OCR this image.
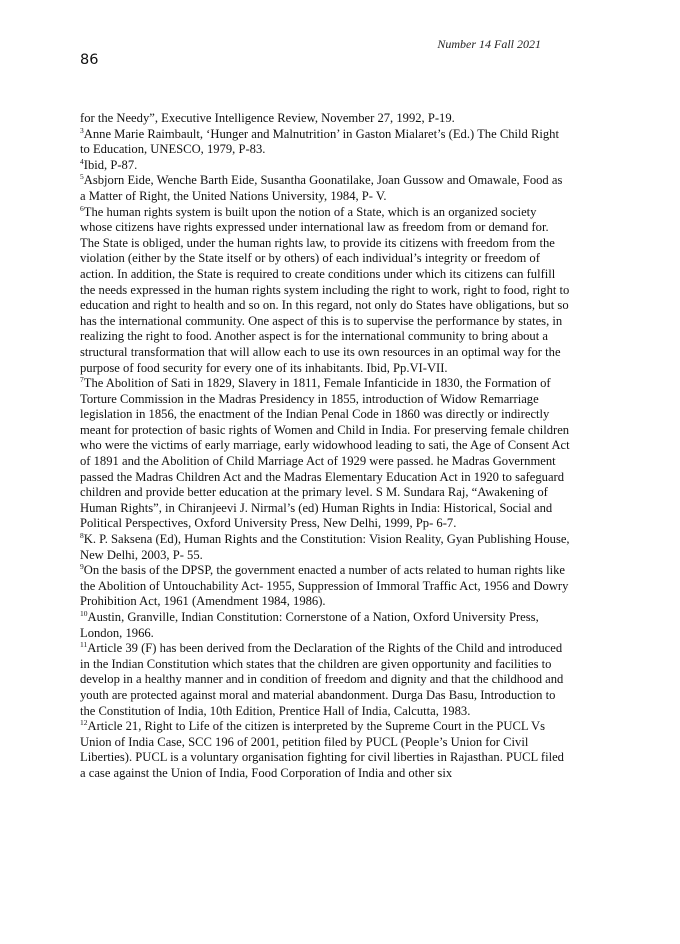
Number 14 Fall 2021
86

for the Needy”, Executive Intelligence Review, November 27, 1992, P-19.

$^3$Anne Marie Raimbault, ‘Hunger and Malnutrition’ in Gaston Mialaret’s (Ed.) The Child Right to Education, UNESCO, 1979, P-83.

$^4$Ibid, P-87.

$^5$Asbjorn Eide, Wenche Barth Eide, Susantha Goonatilake, Joan Gussow and Omawale, Food as a Matter of Right, the United Nations University, 1984, P- V.

$^6$The human rights system is built upon the notion of a State, which is an organized society whose citizens have rights expressed under international law as freedom from or demand for. The State is obliged, under the human rights law, to provide its citizens with freedom from the violation (either by the State itself or by others) of each individual’s integrity or freedom of action. In addition, the State is required to create conditions under which its citizens can fulfill the needs expressed in the human rights system including the right to work, right to food, right to education and right to health and so on. In this regard, not only do States have obligations, but so has the international community. One aspect of this is to supervise the performance by states, in realizing the right to food. Another aspect is for the international community to bring about a structural transformation that will allow each to use its own resources in an optimal way for the purpose of food security for every one of its inhabitants. Ibid, Pp.VI-VII.

$^7$The Abolition of Sati in 1829, Slavery in 1811, Female Infanticide in 1830, the Formation of Torture Commission in the Madras Presidency in 1855, introduction of Widow Remarriage legislation in 1856, the enactment of the Indian Penal Code in 1860 was directly or indirectly meant for protection of basic rights of Women and Child in India. For preserving female children who were the victims of early marriage, early widowhood leading to sati, the Age of Consent Act of 1891 and the Abolition of Child Marriage Act of 1929 were passed. he Madras Government passed the Madras Children Act and the Madras Elementary Education Act in 1920 to safeguard children and provide better education at the primary level. S M. Sundara Raj, “Awakening of Human Rights”, in Chiranjeevi J. Nirmal’s (ed) Human Rights in India: Historical, Social and Political Perspectives, Oxford University Press, New Delhi, 1999, Pp- 6-7.

$^8$K. P. Saksena (Ed), Human Rights and the Constitution: Vision Reality, Gyan Publishing House, New Delhi, 2003, P- 55.

$^9$On the basis of the DPSP, the government enacted a number of acts related to human rights like the Abolition of Untouchability Act- 1955, Suppression of Immoral Traffic Act, 1956 and Dowry Prohibition Act, 1961 (Amendment 1984, 1986).

$^{10}$Austin, Granville, Indian Constitution: Cornerstone of a Nation, Oxford University Press, London, 1966.

$^{11}$Article 39 (F) has been derived from the Declaration of the Rights of the Child and introduced in the Indian Constitution which states that the children are given opportunity and facilities to develop in a healthy manner and in condition of freedom and dignity and that the childhood and youth are protected against moral and material abandonment. Durga Das Basu, Introduction to the Constitution of India, 10th Edition, Prentice Hall of India, Calcutta, 1983.

$^{12}$Article 21, Right to Life of the citizen is interpreted by the Supreme Court in the PUCL Vs Union of India Case, SCC 196 of 2001, petition filed by PUCL (People’s Union for Civil Liberties). PUCL is a voluntary organisation fighting for civil liberties in Rajasthan. PUCL filed a case against the Union of India, Food Corporation of India and other six
